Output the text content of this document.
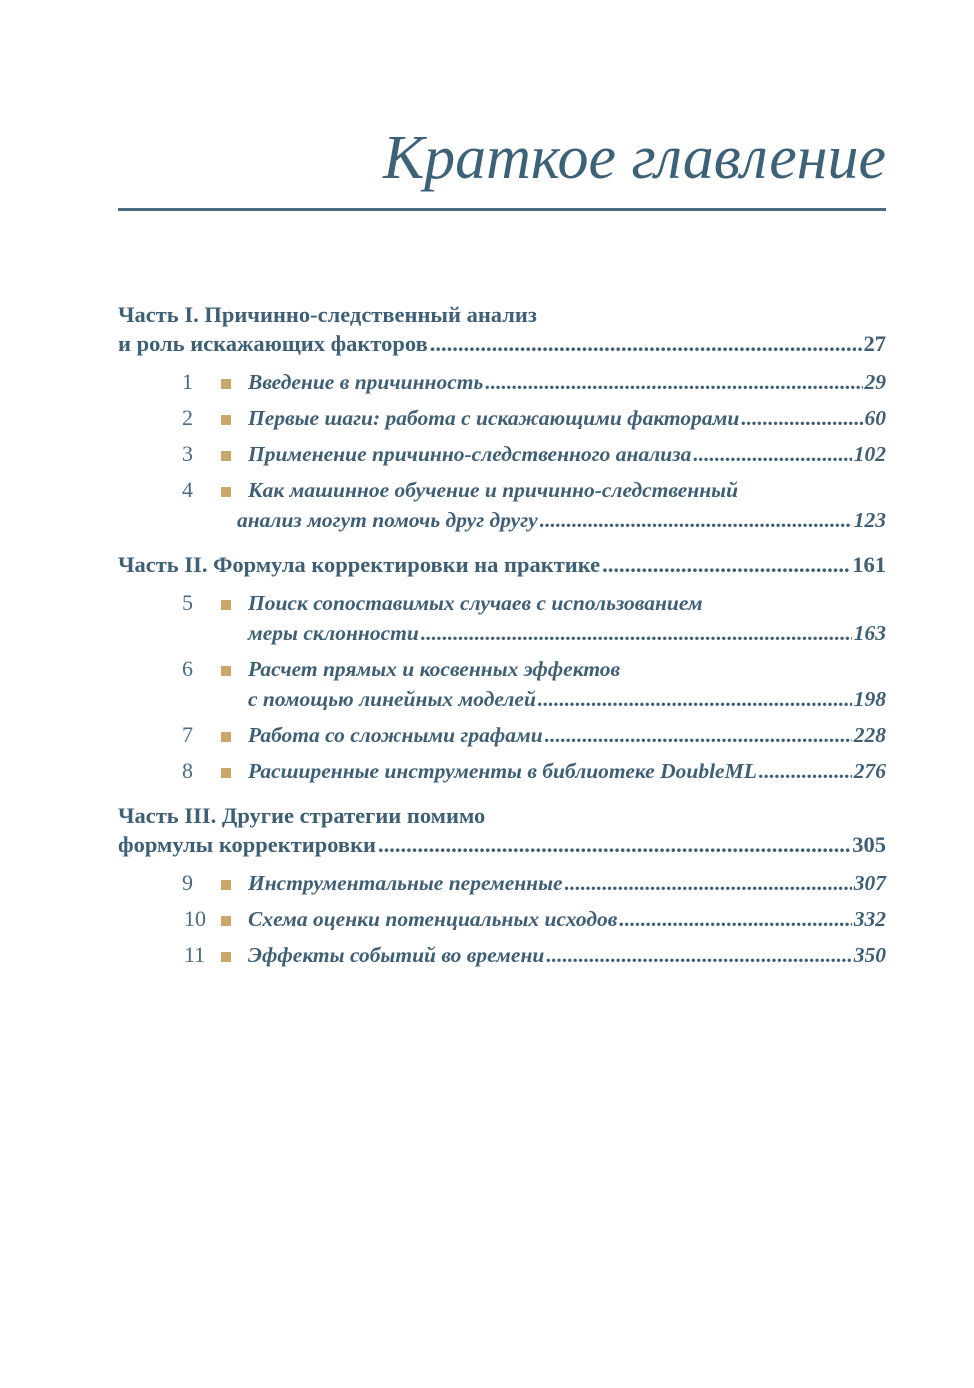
Краткое главление
Часть I. Причинно-следственный анализ
и роль искажающих факторов .....	27
1	Введение в причинность .....	29
2	Первые шаги: работа с искажающими факторами .....	60
3	Применение причинно-следственного анализа .....	102
4	Как машинное обучение и причинно-следственный
анализ могут помочь друг другу .....	123
Часть II. Формула корректировки на практике .....	161
5	Поиск сопоставимых случаев с использованием
меры склонности .....	163
6	Расчет прямых и косвенных эффектов
с помощью линейных моделей .....	198
7	Работа со сложными графами .....	228
8	Расширенные инструменты в библиотеке DoubleML .....	276
Часть III. Другие стратегии помимо
формулы корректировки .....	305
9	Инструментальные переменные .....	307
10 Схема оценки потенциальных исходов .....	332
11 Эффекты событий во времени .....	350
